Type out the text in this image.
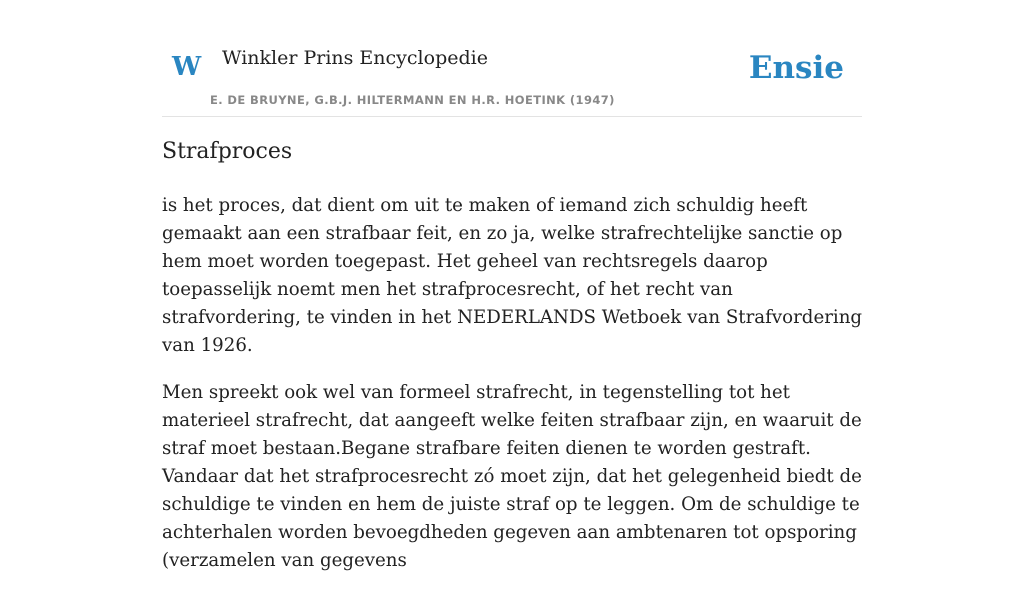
W Winkler Prins Encyclopedie
E. DE BRUYNE, G.B.J. HILTERMANN EN H.R. HOETINK (1947)
Ensie
Strafproces

is het proces, dat dient om uit te maken of iemand zich schuldig heeft gemaakt aan een strafbaar feit, en zo ja, welke strafrechtelijke sanctie op hem moet worden toegepast. Het geheel van rechtsregels daarop toepasselijk noemt men het strafprocesrecht, of het recht van strafvordering, te vinden in het NEDERLANDS Wetboek van Strafvordering van 1926.

Men spreekt ook wel van formeel strafrecht, in tegenstelling tot het materieel strafrecht, dat aangeeft welke feiten strafbaar zijn, en waaruit de straf moet bestaan.Begane strafbare feiten dienen te worden gestraft. Vandaar dat het strafprocesrecht zó moet zijn, dat het gelegenheid biedt de schuldige te vinden en hem de juiste straf op te leggen. Om de schuldige te achterhalen worden bevoegdheden gegeven aan ambtenaren tot opsporing (verzamelen van gegevens
